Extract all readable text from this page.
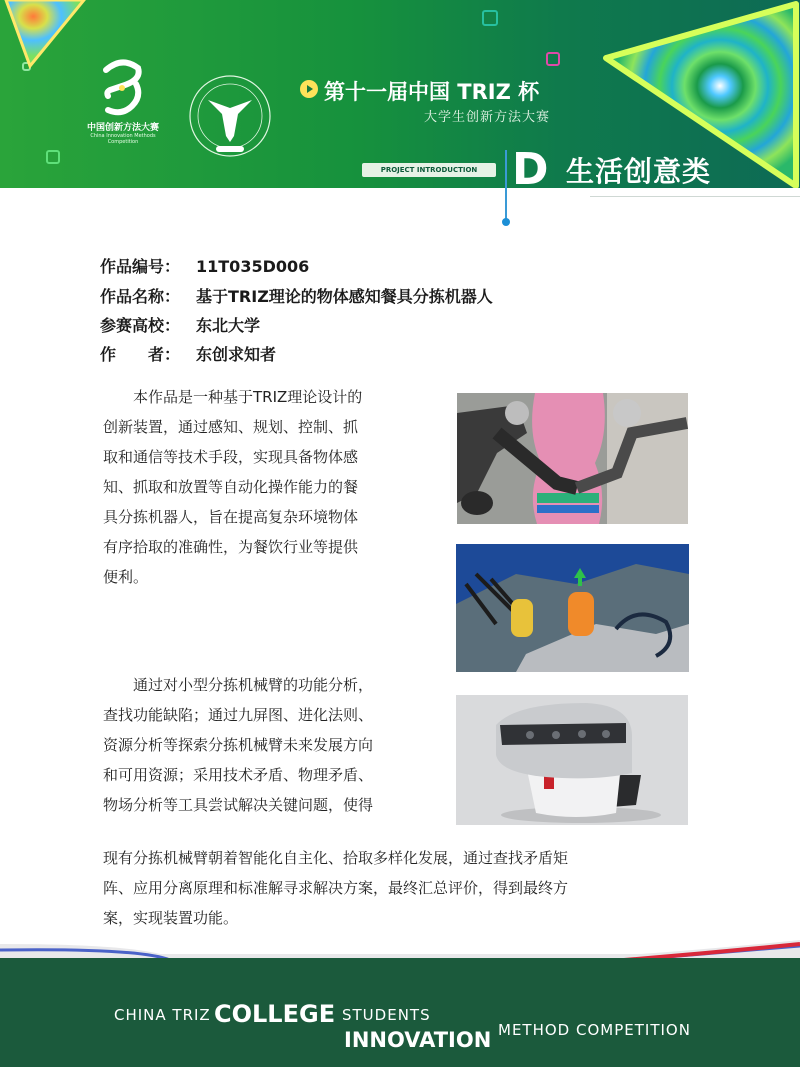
中国创新方法大赛
China Innovation Methods Competition
第十一届中国 TRIZ 杯
大学生创新方法大赛
PROJECT INTRODUCTION D 生活创意类
作品编号： 11T035D006
作品名称： 基于TRIZ理论的物体感知餐具分拣机器人
参赛高校： 东北大学
作　　者： 东创求知者
　　本作品是一种基于TRIZ理论设计的
创新装置，通过感知、规划、控制、抓
取和通信等技术手段，实现具备物体感
知、抓取和放置等自动化操作能力的餐
具分拣机器人，旨在提高复杂环境物体
有序拾取的准确性，为餐饮行业等提供
便利。
　　通过对小型分拣机械臂的功能分析，
查找功能缺陷；通过九屏图、进化法则、
资源分析等探索分拣机械臂未来发展方向
和可用资源；采用技术矛盾、物理矛盾、
物场分析等工具尝试解决关键问题，使得
现有分拣机械臂朝着智能化自主化、拾取多样化发展，通过查找矛盾矩
阵、应用分离原理和标准解寻求解决方案，最终汇总评价，得到最终方
案，实现装置功能。
CHINA TRIZ COLLEGE STUDENTS
INNOVATION METHOD COMPETITION
